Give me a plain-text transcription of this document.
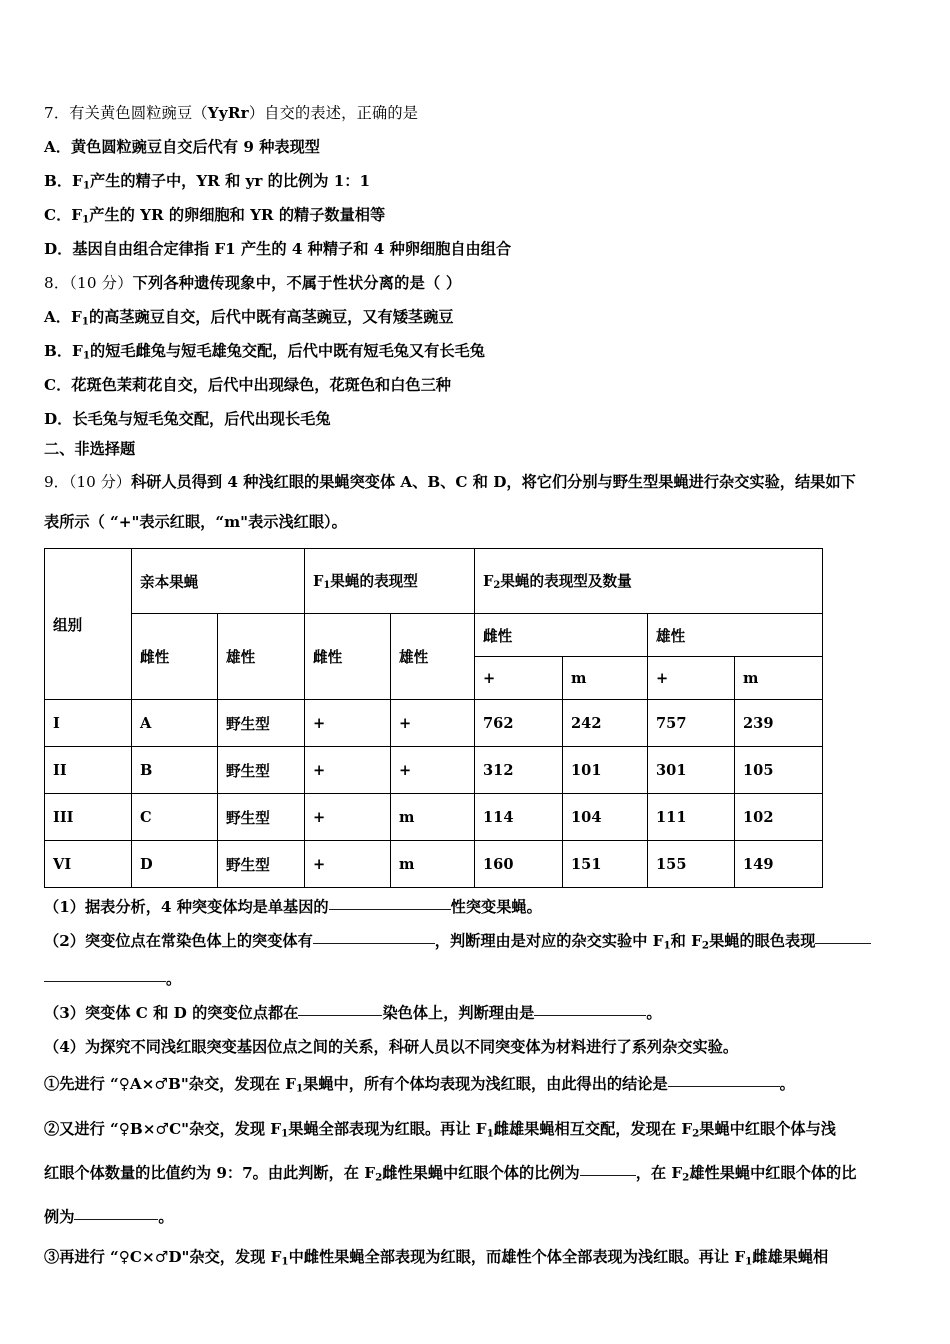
7．有关黄色圆粒豌豆（YyRr）自交的表述，正确的是
A．黄色圆粒豌豆自交后代有 9 种表现型
B．$F_1$产生的精子中，YR 和 yr 的比例为 1：1
C．$F_1$产生的 YR 的卵细胞和 YR 的精子数量相等
D．基因自由组合定律指 F1 产生的 4 种精子和 4 种卵细胞自由组合
8．（10 分）下列各种遗传现象中，不属于性状分离的是（ ）
A．$F_1$的高茎豌豆自交，后代中既有高茎豌豆，又有矮茎豌豆
B．$F_1$的短毛雌兔与短毛雄兔交配，后代中既有短毛兔又有长毛兔
C．花斑色茉莉花自交，后代中出现绿色，花斑色和白色三种
D．长毛兔与短毛兔交配，后代出现长毛兔
二、非选择题
9．（10 分）科研人员得到 4 种浅红眼的果蝇突变体 A、B、C 和 D，将它们分别与野生型果蝇进行杂交实验，结果如下
表所示（ “+"表示红眼，“m"表示浅红眼）。
组别	亲本果蝇		$F_1$果蝇的表现型		$F_2$果蝇的表现型及数量			
	雌性	雄性	雌性	雄性	雌性		雄性	
					+	m	+	m
I	A	野生型	+	+	762	242	757	239
II	B	野生型	+	+	312	101	301	105
III	C	野生型	+	m	114	104	111	102
VI	D	野生型	+	m	160	151	155	149
（1）据表分析，4 种突变体均是单基因的	性突变果蝇。
（2）突变位点在常染色体上的突变体有	，判断理由是对应的杂交实验中 $F_1$和 $F_2$果蝇的眼色表现
。
（3）突变体 C 和 D 的突变位点都在	染色体上，判断理由是	。
（4）为探究不同浅红眼突变基因位点之间的关系，科研人员以不同突变体为材料进行了系列杂交实验。
①先进行 “♀A×♂B"杂交，发现在 $F_1$果蝇中，所有个体均表现为浅红眼，由此得出的结论是	。
②又进行 “♀B×♂C"杂交，发现 $F_1$果蝇全部表现为红眼。再让 $F_1$雌雄果蝇相互交配，发现在 $F_2$果蝇中红眼个体与浅
红眼个体数量的比值约为 9：7。由此判断，在 $F_2$雌性果蝇中红眼个体的比例为	，在 $F_2$雄性果蝇中红眼个体的比
例为	。
③再进行 “♀C×♂D"杂交，发现 $F_1$中雌性果蝇全部表现为红眼，而雄性个体全部表现为浅红眼。再让 $F_1$雌雄果蝇相
